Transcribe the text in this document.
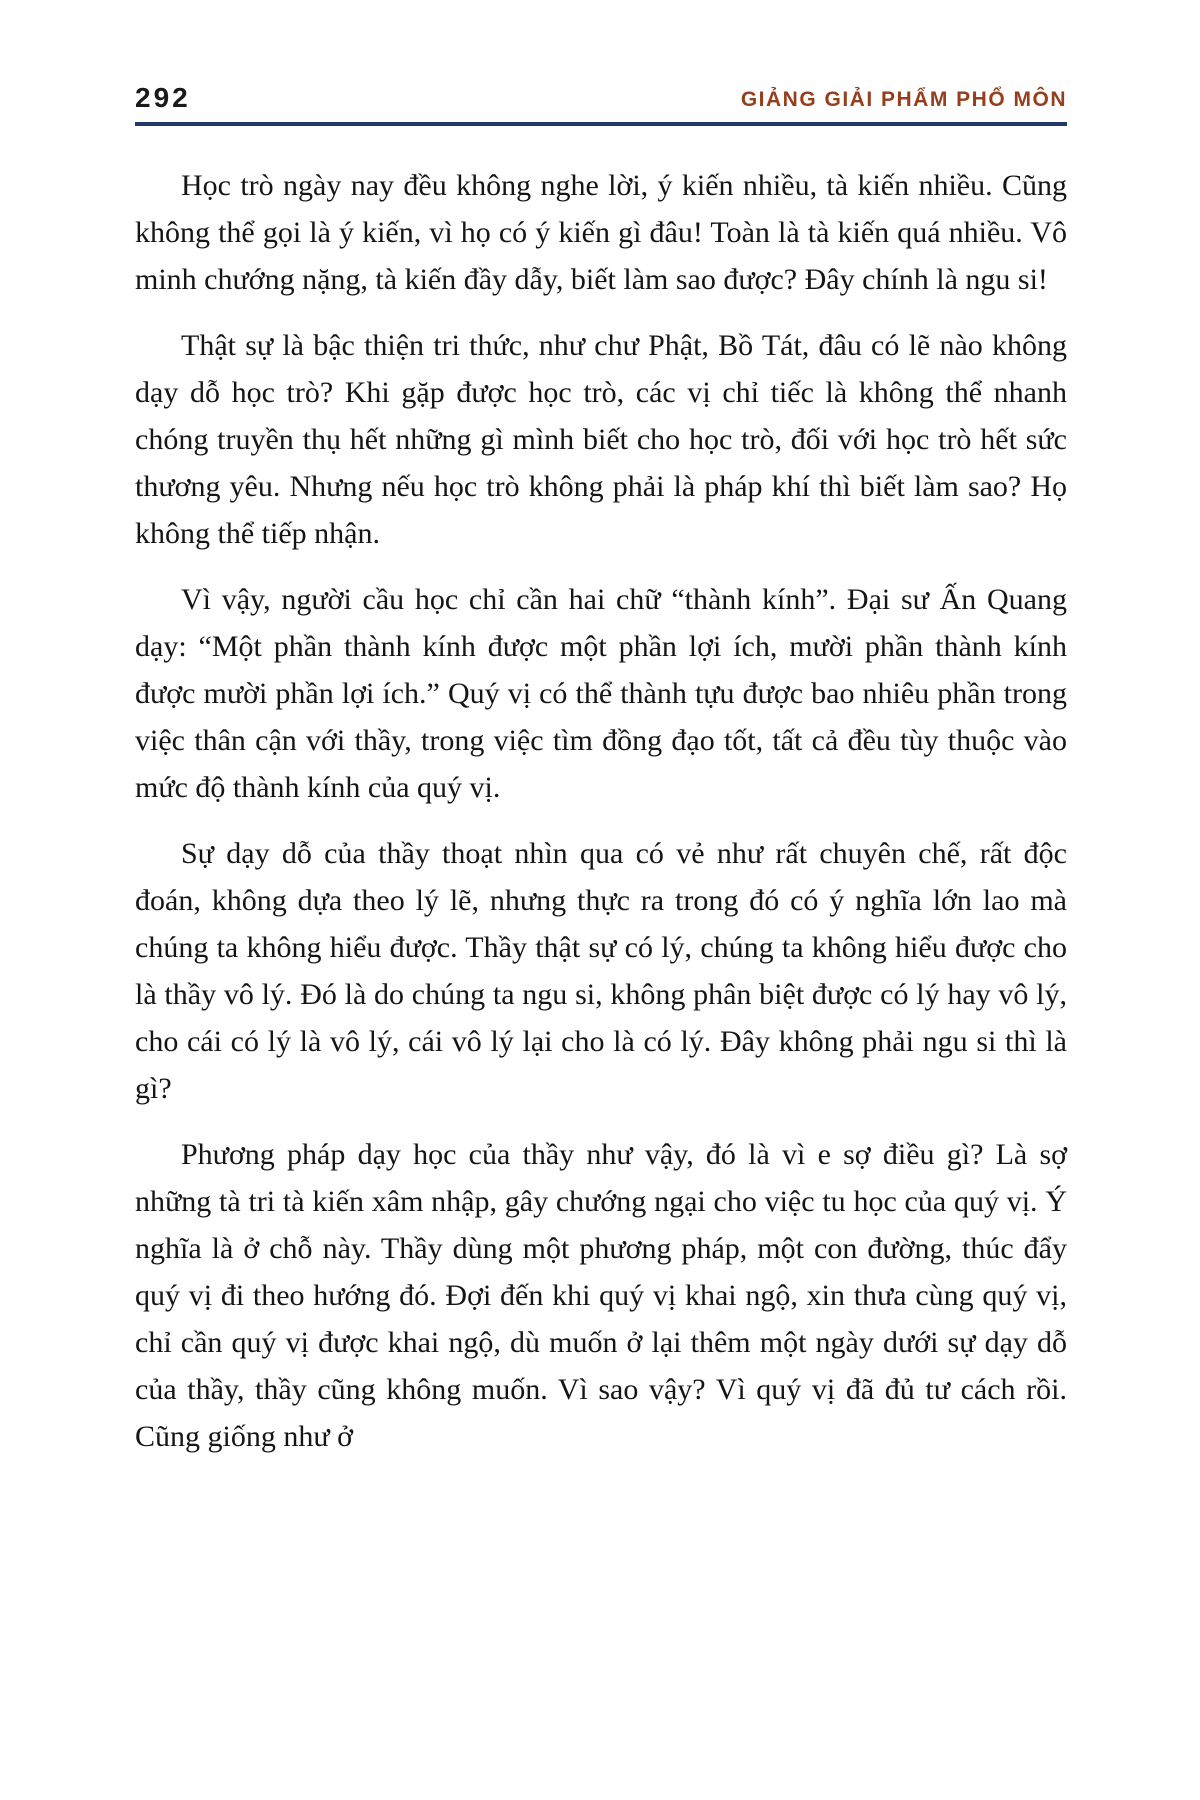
292	GIẢNG GIẢI PHẨM PHỔ MÔN

Học trò ngày nay đều không nghe lời, ý kiến nhiều, tà kiến nhiều. Cũng không thể gọi là ý kiến, vì họ có ý kiến gì đâu! Toàn là tà kiến quá nhiều. Vô minh chướng nặng, tà kiến đầy dẫy, biết làm sao được? Đây chính là ngu si!

Thật sự là bậc thiện tri thức, như chư Phật, Bồ Tát, đâu có lẽ nào không dạy dỗ học trò? Khi gặp được học trò, các vị chỉ tiếc là không thể nhanh chóng truyền thụ hết những gì mình biết cho học trò, đối với học trò hết sức thương yêu. Nhưng nếu học trò không phải là pháp khí thì biết làm sao? Họ không thể tiếp nhận.

Vì vậy, người cầu học chỉ cần hai chữ “thành kính”. Đại sư Ấn Quang dạy: “Một phần thành kính được một phần lợi ích, mười phần thành kính được mười phần lợi ích.” Quý vị có thể thành tựu được bao nhiêu phần trong việc thân cận với thầy, trong việc tìm đồng đạo tốt, tất cả đều tùy thuộc vào mức độ thành kính của quý vị.

Sự dạy dỗ của thầy thoạt nhìn qua có vẻ như rất chuyên chế, rất độc đoán, không dựa theo lý lẽ, nhưng thực ra trong đó có ý nghĩa lớn lao mà chúng ta không hiểu được. Thầy thật sự có lý, chúng ta không hiểu được cho là thầy vô lý. Đó là do chúng ta ngu si, không phân biệt được có lý hay vô lý, cho cái có lý là vô lý, cái vô lý lại cho là có lý. Đây không phải ngu si thì là gì?

Phương pháp dạy học của thầy như vậy, đó là vì e sợ điều gì? Là sợ những tà tri tà kiến xâm nhập, gây chướng ngại cho việc tu học của quý vị. Ý nghĩa là ở chỗ này. Thầy dùng một phương pháp, một con đường, thúc đẩy quý vị đi theo hướng đó. Đợi đến khi quý vị khai ngộ, xin thưa cùng quý vị, chỉ cần quý vị được khai ngộ, dù muốn ở lại thêm một ngày dưới sự dạy dỗ của thầy, thầy cũng không muốn. Vì sao vậy? Vì quý vị đã đủ tư cách rồi. Cũng giống như ở
